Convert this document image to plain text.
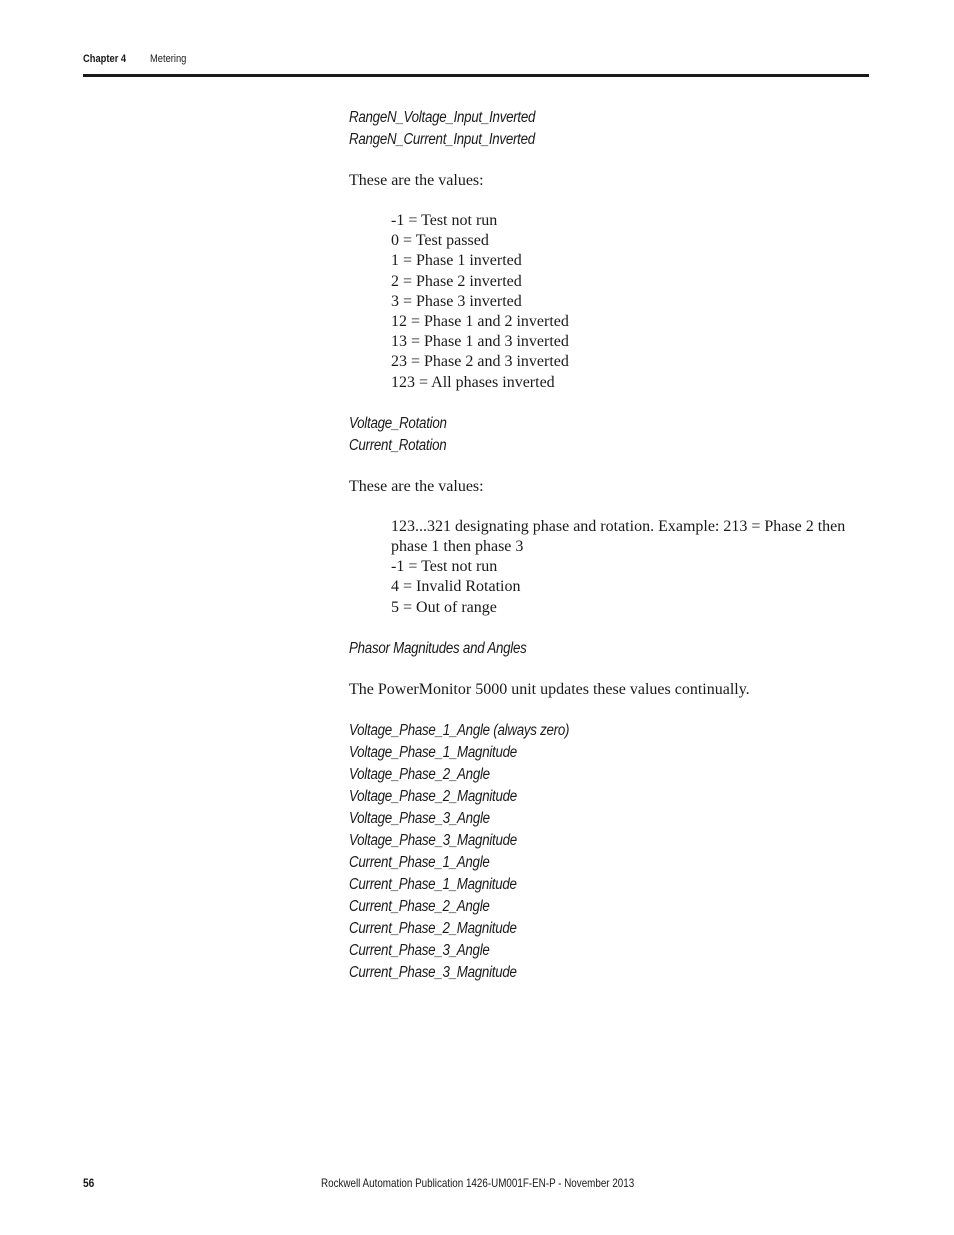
Chapter 4 Metering
RangeN_Voltage_Input_Inverted
RangeN_Current_Input_Inverted
These are the values:
-1 = Test not run
0 = Test passed
1 = Phase 1 inverted
2 = Phase 2 inverted
3 = Phase 3 inverted
12 = Phase 1 and 2 inverted
13 = Phase 1 and 3 inverted
23 = Phase 2 and 3 inverted
123 = All phases inverted
Voltage_Rotation
Current_Rotation
These are the values:
123...321 designating phase and rotation. Example: 213 = Phase 2 then phase 1 then phase 3
-1 = Test not run
4 = Invalid Rotation
5 = Out of range
Phasor Magnitudes and Angles
The PowerMonitor 5000 unit updates these values continually.
Voltage_Phase_1_Angle (always zero)
Voltage_Phase_1_Magnitude
Voltage_Phase_2_Angle
Voltage_Phase_2_Magnitude
Voltage_Phase_3_Angle
Voltage_Phase_3_Magnitude
Current_Phase_1_Angle
Current_Phase_1_Magnitude
Current_Phase_2_Angle
Current_Phase_2_Magnitude
Current_Phase_3_Angle
Current_Phase_3_Magnitude
56	Rockwell Automation Publication 1426-UM001F-EN-P - November 2013
